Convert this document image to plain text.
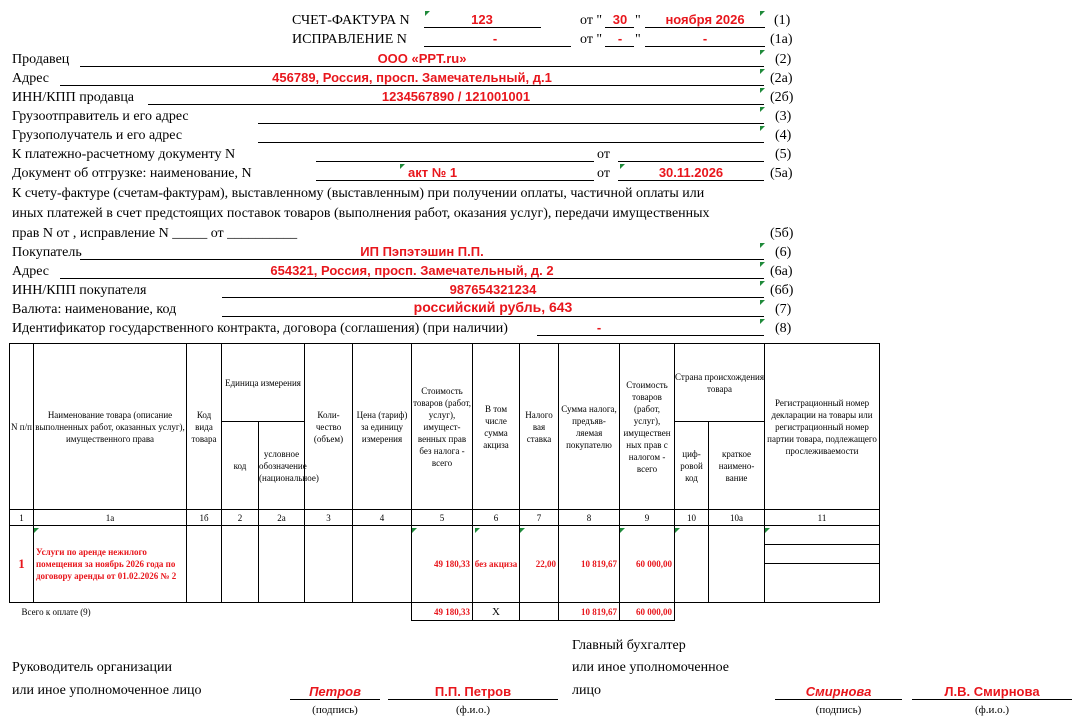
СЧЕТ-ФАКТУРА N	123	от " 30 "	ноября 2026	(1)
ИСПРАВЛЕНИЕ N	-	от "	- "	-	(1а)
Продавец	ООО «PPT.ru»	(2)
Адрес	456789, Россия, просп. Замечательный, д.1	(2а)
ИНН/КПП продавца	1234567890 / 121001001	(2б)
Грузоотправитель и его адрес	(3)
Грузополучатель и его адрес	(4)
К платежно-расчетному документу N	от	(5)
Документ об отгрузке: наименование, N	акт № 1	от	30.11.2026	(5а)
К счету-фактуре (счетам-фактурам), выставленному (выставленным) при получении оплаты, частичной оплаты или
иных платежей в счет предстоящих поставок товаров (выполнения работ, оказания услуг), передачи имущественных
прав N от , исправление N _____ от __________	(5б)
Покупатель	ИП Пэпэтэшин П.П.	(6)
Адрес	654321, Россия, просп. Замечательный, д. 2	(6а)
ИНН/КПП покупателя	987654321234	(6б)
Валюта: наименование, код	российский рубль, 643	(7)
Идентификатор государственного контракта, договора (соглашения) (при наличии)	-	(8)
N п/п	Наименование товара (описание выполненных работ, оказанных услуг), имущественного права	Код вида товара	Единица измерения		Коли-чество (объем)	Цена (тариф) за единицу измерения	Стоимость товаров (работ, услуг), имущест-венных прав без налога - всего	В том числе сумма акциза	Налого вая ставка	Сумма налога, предъяв-ляемая покупателю	Стоимость товаров (работ, услуг), имуществен ных прав с налогом - всего	Страна происхождения товара		Регистрационный номер декларации на товары или регистрационный номер партии товара, подлежащего прослеживаемости
			код	условное обозначение (национальное)								циф-ровой код	краткое наимено-вание	
1	1а	1б	2	2а	3	4	5	6	7	8	9	10	10а	11
1	Услуги по аренде нежилого помещения за ноябрь 2026 года по договору аренды от 01.02.2026 № 2						49 180,33	без акциза	22,00	10 819,67	60 000,00			

Всего к оплате (9)							49 180,33	Х		10 819,67	60 000,00			
Руководитель организации
или иное уполномоченное лицо	Петров
(подпись)
П.П. Петров
(ф.и.о.)
Главный бухгалтер
или иное уполномоченное
лицо	Смирнова
(подпись)
Л.В. Смирнова
(ф.и.о.)
